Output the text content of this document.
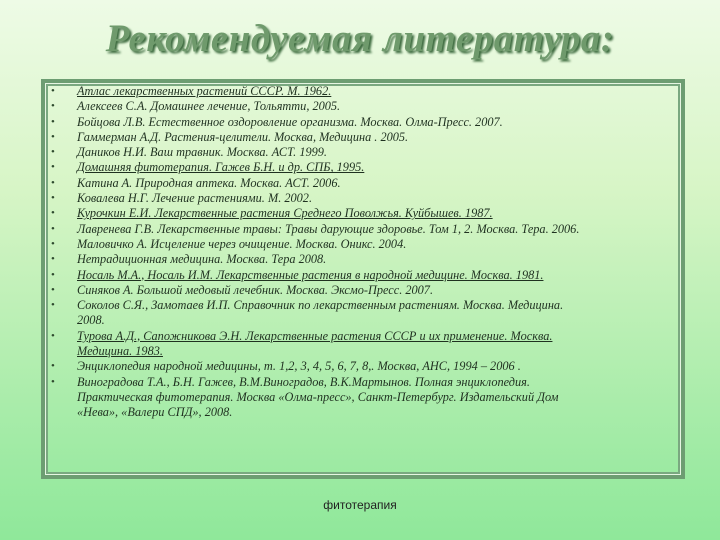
Рекомендуемая литература:
• Атлас лекарственных растений СССР. М. 1962.
• Алексеев С.А. Домашнее лечение, Тольятти, 2005.
• Бойцова Л.В. Естественное оздоровление организма. Москва. Олма-Пресс. 2007.
• Гаммерман А.Д. Растения-целители. Москва, Медицина . 2005.
• Даников Н.И. Ваш травник. Москва. АСТ. 1999.
• Домашняя фитотерапия. Гажев Б.Н. и др. СПБ, 1995.
• Катина А. Природная аптека. Москва. АСТ. 2006.
• Ковалева Н.Г. Лечение растениями. М. 2002.
• Курочкин Е.И. Лекарственные растения Среднего Поволжья. Куйбышев. 1987.
• Лавренева Г.В. Лекарственные травы: Травы дарующие здоровье. Том 1, 2. Москва. Тера. 2006.
• Маловичко А. Исцеление через очищение. Москва. Оникс. 2004.
• Нетрадиционная медицина. Москва. Тера 2008.
• Носаль М.А., Носаль И.М. Лекарственные растения в народной медицине. Москва. 1981.
• Синяков А. Большой медовый лечебник. Москва. Эксмо-Пресс. 2007.
• Соколов С.Я., Замотаев И.П. Справочник по лекарственным растениям. Москва. Медицина.
2008.
• Турова А.Д., Сапожникова Э.Н. Лекарственные растения СССР и их применение. Москва.
Медицина. 1983.
• Энциклопедия народной медицины, т. 1,2, 3, 4, 5, 6, 7, 8,. Москва, АНС, 1994 – 2006 .
• Виноградова Т.А., Б.Н. Гажев, В.М.Виноградов, В.К.Мартынов. Полная энциклопедия.
Практическая фитотерапия. Москва «Олма-пресс», Санкт-Петербург. Издательский Дом
«Нева», «Валери СПД», 2008.
фитотерапия
